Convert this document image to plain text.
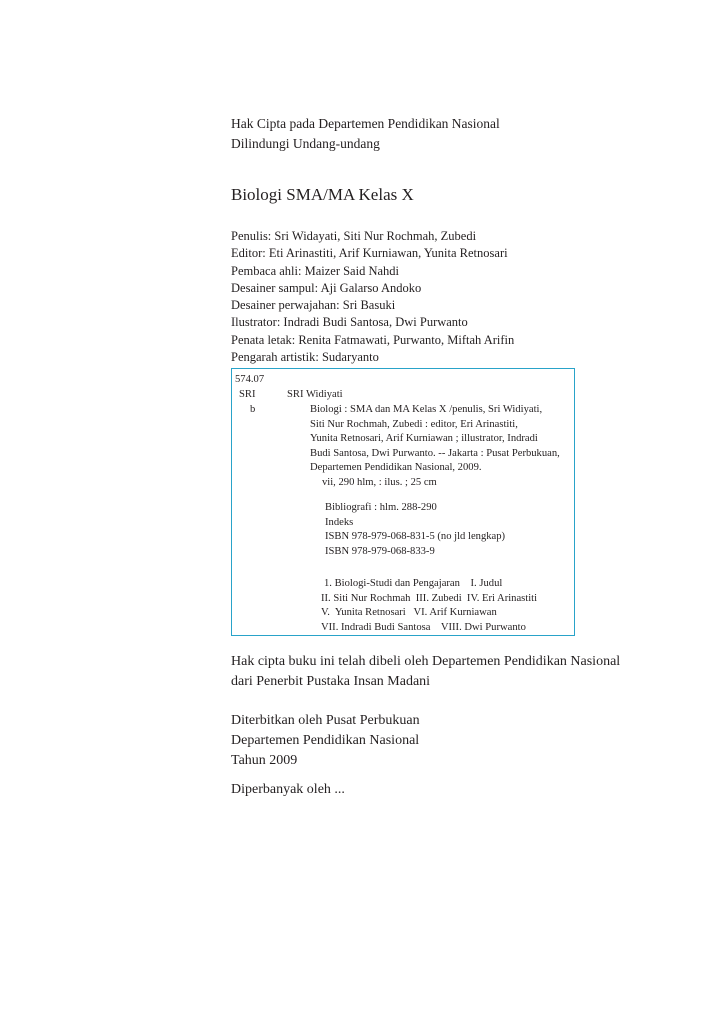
Hak Cipta pada Departemen Pendidikan Nasional
Dilindungi Undang-undang
Biologi SMA/MA Kelas X
Penulis: Sri Widayati, Siti Nur Rochmah, Zubedi
Editor: Eti Arinastiti, Arif Kurniawan, Yunita Retnosari
Pembaca ahli: Maizer Said Nahdi
Desainer sampul: Aji Galarso Andoko
Desainer perwajahan: Sri Basuki
Ilustrator: Indradi Budi Santosa, Dwi Purwanto
Penata letak: Renita Fatmawati, Purwanto, Miftah Arifin
Pengarah artistik: Sudaryanto
574.07
SRI	SRI Widiyati
b	Biologi : SMA dan MA Kelas X /penulis, Sri Widiyati,
Siti Nur Rochmah, Zubedi : editor, Eri Arinastiti,
Yunita Retnosari, Arif Kurniawan ; illustrator, Indradi
Budi Santosa, Dwi Purwanto. -- Jakarta : Pusat Perbukuan,
Departemen Pendidikan Nasional, 2009.
vii, 290 hlm, : ilus. ; 25 cm
Bibliografi : hlm. 288-290
Indeks
ISBN 978-979-068-831-5 (no jld lengkap)
ISBN 978-979-068-833-9
1. Biologi-Studi dan Pengajaran    I. Judul
II. Siti Nur Rochmah  III. Zubedi  IV. Eri Arinastiti
V.  Yunita Retnosari   VI. Arif Kurniawan
VII. Indradi Budi Santosa    VIII. Dwi Purwanto
Hak cipta buku ini telah dibeli oleh Departemen Pendidikan Nasional
dari Penerbit Pustaka Insan Madani
Diterbitkan oleh Pusat Perbukuan
Departemen Pendidikan Nasional
Tahun 2009
Diperbanyak oleh ...
